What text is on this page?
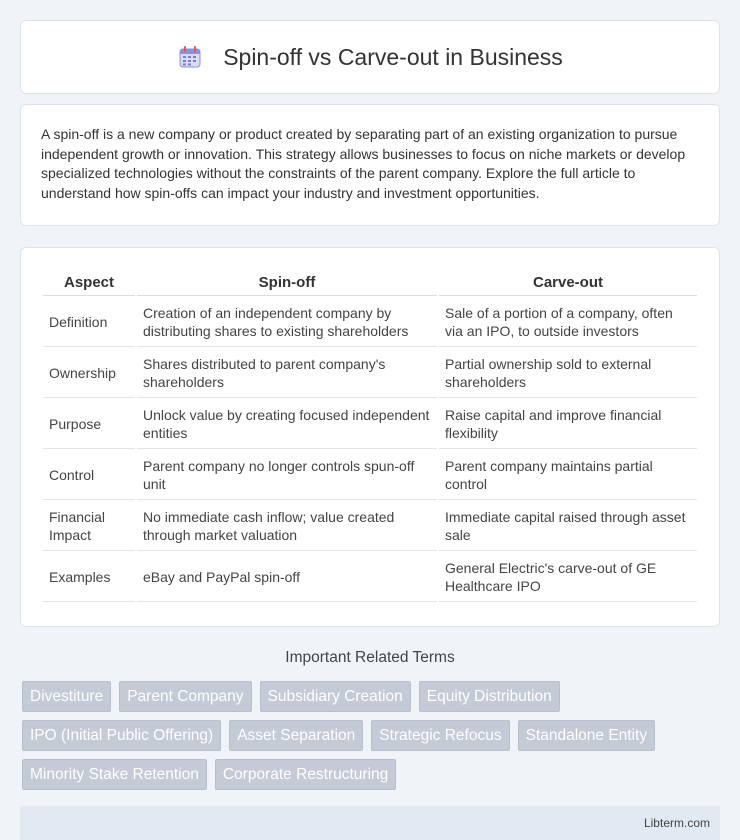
Spin-off vs Carve-out in Business

A spin-off is a new company or product created by separating part of an existing organization to pursue independent growth or innovation. This strategy allows businesses to focus on niche markets or develop specialized technologies without the constraints of the parent company. Explore the full article to understand how spin-offs can impact your industry and investment opportunities.

Aspect	Spin-off	Carve-out
Definition	Creation of an independent company by distributing shares to existing shareholders	Sale of a portion of a company, often via an IPO, to outside investors
Ownership	Shares distributed to parent company's shareholders	Partial ownership sold to external shareholders
Purpose	Unlock value by creating focused independent entities	Raise capital and improve financial flexibility
Control	Parent company no longer controls spun-off unit	Parent company maintains partial control
Financial Impact	No immediate cash inflow; value created through market valuation	Immediate capital raised through asset sale
Examples	eBay and PayPal spin-off	General Electric's carve-out of GE Healthcare IPO
Important Related Terms
Divestiture	Parent Company	Subsidiary Creation	Equity Distribution
IPO (Initial Public Offering)	Asset Separation	Strategic Refocus	Standalone Entity
Minority Stake Retention	Corporate Restructuring
Libterm.com
